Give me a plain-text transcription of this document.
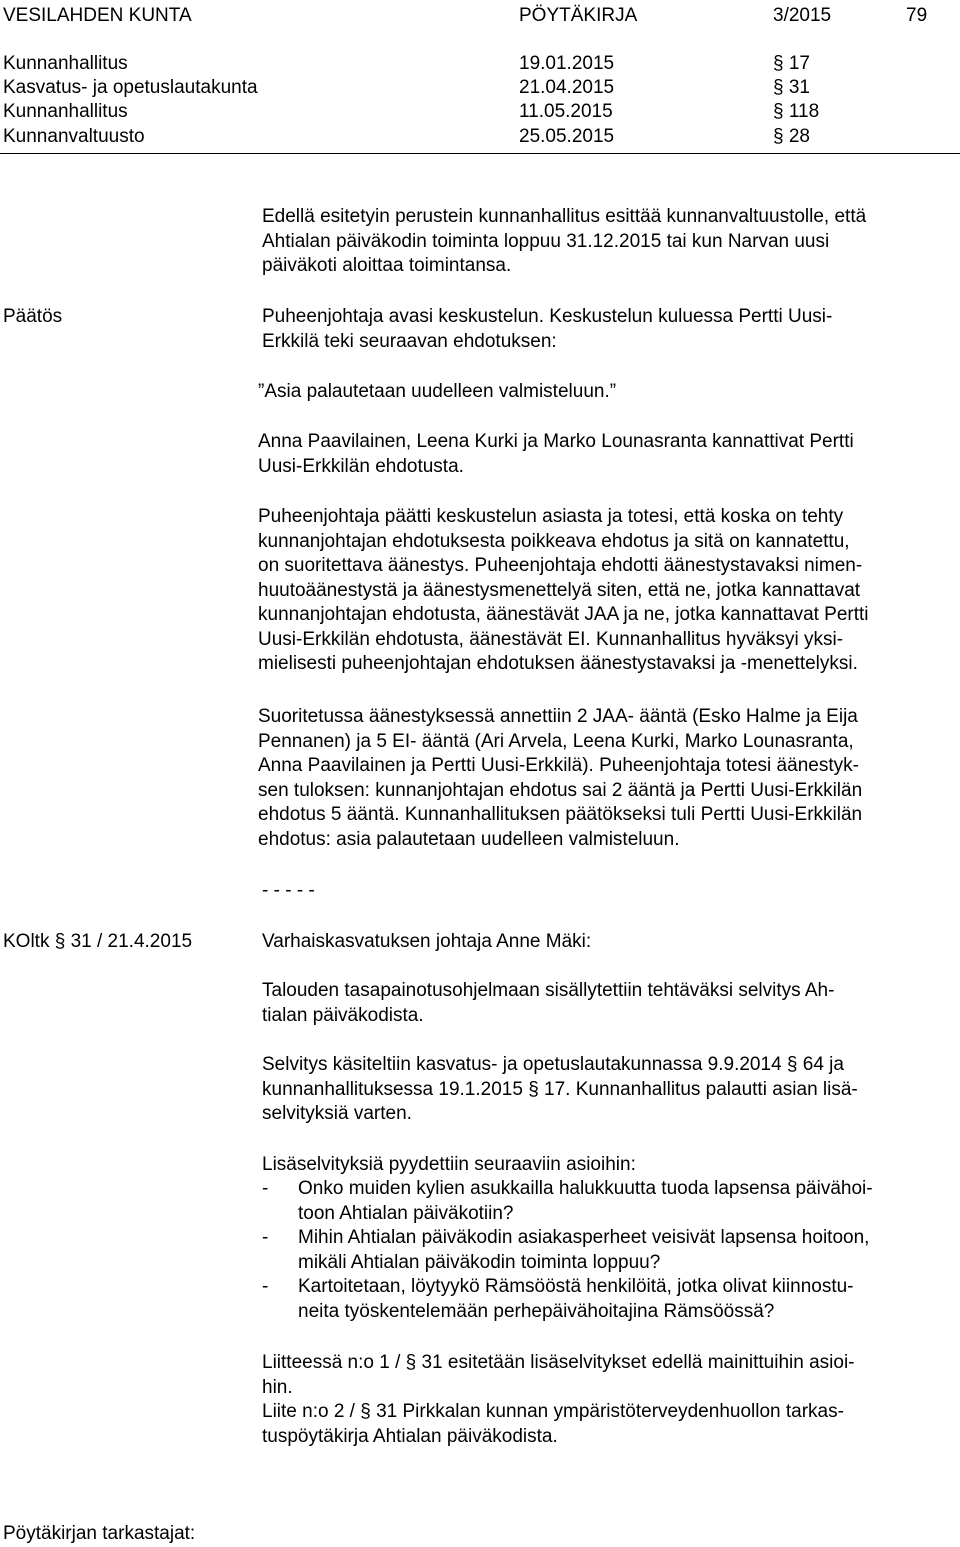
VESILAHDEN KUNTA	PÖYTÄKIRJA	3/2015	79
Kunnanhallitus	19.01.2015	§ 17
Kasvatus- ja opetuslautakunta	21.04.2015	§ 31
Kunnanhallitus	11.05.2015	§ 118
Kunnanvaltuusto	25.05.2015	§ 28
Edellä esitetyin perustein kunnanhallitus esittää kunnanvaltuustolle, että
Ahtialan päiväkodin toiminta loppuu 31.12.2015 tai kun Narvan uusi
päiväkoti aloittaa toimintansa.
Päätös	Puheenjohtaja avasi keskustelun. Keskustelun kuluessa Pertti Uusi-
Erkkilä teki seuraavan ehdotuksen:
”Asia palautetaan uudelleen valmisteluun.”
Anna Paavilainen, Leena Kurki ja Marko Lounasranta kannattivat Pertti
Uusi-Erkkilän ehdotusta.
Puheenjohtaja päätti keskustelun asiasta ja totesi, että koska on tehty
kunnanjohtajan ehdotuksesta poikkeava ehdotus ja sitä on kannatettu,
on suoritettava äänestys. Puheenjohtaja ehdotti äänestystavaksi nimen-
huutoäänestystä ja äänestysmenettelyä siten, että ne, jotka kannattavat
kunnanjohtajan ehdotusta, äänestävät JAA ja ne, jotka kannattavat Pertti
Uusi-Erkkilän ehdotusta, äänestävät EI. Kunnanhallitus hyväksyi yksi-
mielisesti puheenjohtajan ehdotuksen äänestystavaksi ja -menettelyksi.
Suoritetussa äänestyksessä annettiin 2 JAA- ääntä (Esko Halme ja Eija
Pennanen) ja 5 EI- ääntä (Ari Arvela, Leena Kurki, Marko Lounasranta,
Anna Paavilainen ja Pertti Uusi-Erkkilä). Puheenjohtaja totesi äänestyk-
sen tuloksen: kunnanjohtajan ehdotus sai 2 ääntä ja Pertti Uusi-Erkkilän
ehdotus 5 ääntä. Kunnanhallituksen päätökseksi tuli Pertti Uusi-Erkkilän
ehdotus: asia palautetaan uudelleen valmisteluun.
- - - - -
KOltk § 31 / 21.4.2015	Varhaiskasvatuksen johtaja Anne Mäki:
Talouden tasapainotusohjelmaan sisällytettiin tehtäväksi selvitys Ah-
tialan päiväkodista.
Selvitys käsiteltiin kasvatus- ja opetuslautakunnassa 9.9.2014 § 64 ja
kunnanhallituksessa 19.1.2015 § 17. Kunnanhallitus palautti asian lisä-
selvityksiä varten.
Lisäselvityksiä pyydettiin seuraaviin asioihin:
- Onko muiden kylien asukkailla halukkuutta tuoda lapsensa päivähoi-
toon Ahtialan päiväkotiin?
- Mihin Ahtialan päiväkodin asiakasperheet veisivät lapsensa hoitoon,
mikäli Ahtialan päiväkodin toiminta loppuu?
- Kartoitetaan, löytyykö Rämsööstä henkilöitä, jotka olivat kiinnostu-
neita työskentelemään perhepäivähoitajina Rämsöössä?
Liitteessä n:o 1 / § 31 esitetään lisäselvitykset edellä mainittuihin asioi-
hin.
Liite n:o 2 / § 31 Pirkkalan kunnan ympäristöterveydenhuollon tarkas-
tuspöytäkirja Ahtialan päiväkodista.
Pöytäkirjan tarkastajat:
